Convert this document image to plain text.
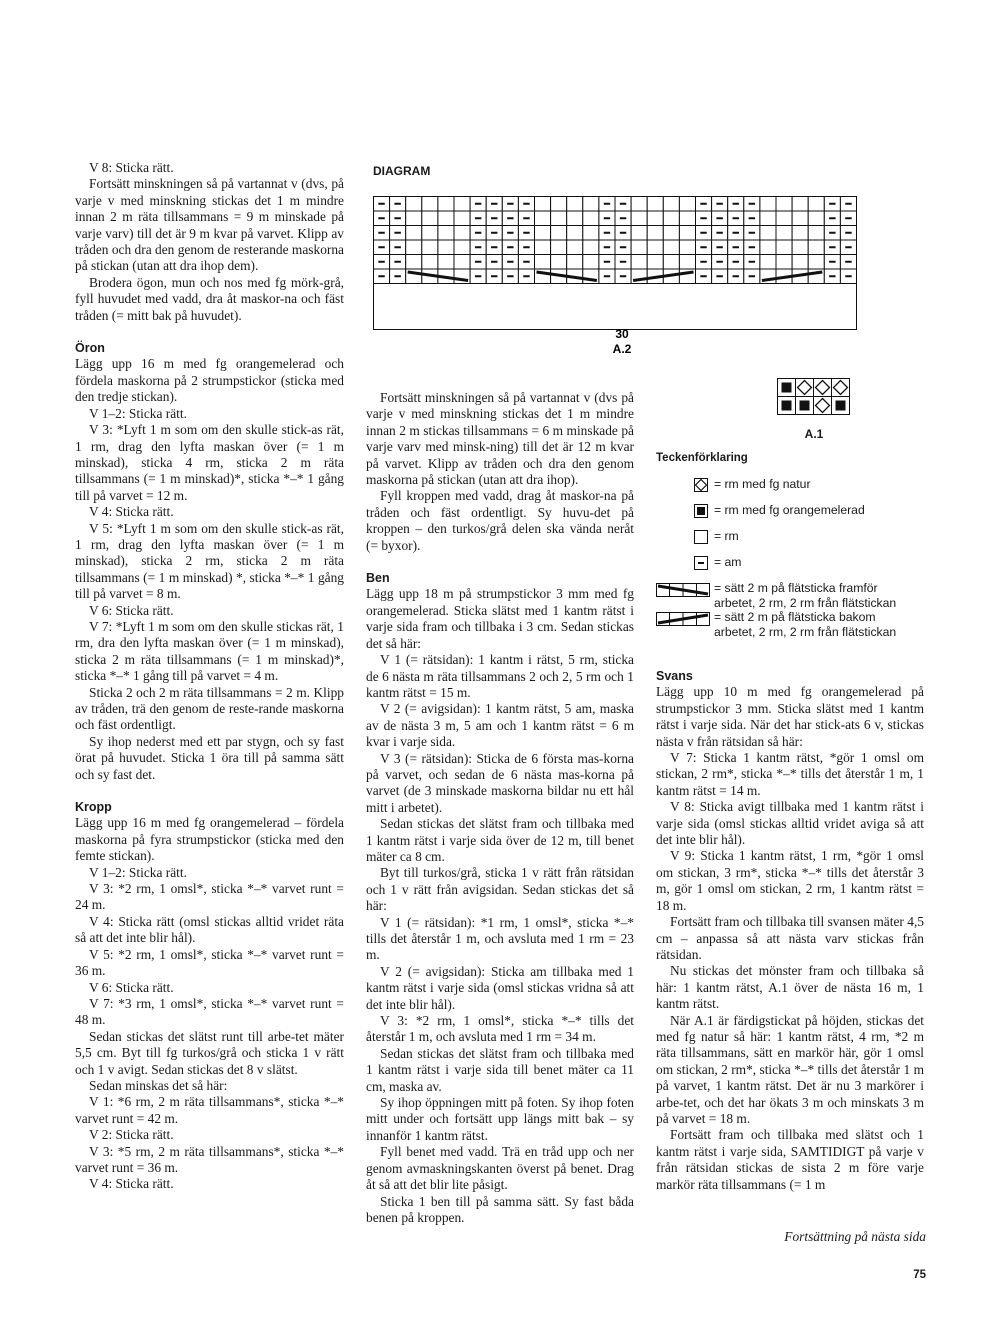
V 8: Sticka rätt.

Fortsätt minskningen så på vartannat v (dvs, på varje v med minskning stickas det 1 m mindre innan 2 m räta tillsammans = 9 m minskade på varje varv) till det är 9 m kvar på varvet. Klipp av tråden och dra den genom de resterande maskorna på stickan (utan att dra ihop dem).

Brodera ögon, mun och nos med fg mörk-grå, fyll huvudet med vadd, dra åt maskor-na och fäst tråden (= mitt bak på huvudet).

Öron

Lägg upp 16 m med fg orangemelerad och fördela maskorna på 2 strumpstickor (sticka med den tredje stickan).

V 1–2: Sticka rätt.

V 3: *Lyft 1 m som om den skulle stick-as rät, 1 rm, drag den lyfta maskan över (= 1 m minskad), sticka 4 rm, sticka 2 m räta tillsammans (= 1 m minskad)*, sticka *–* 1 gång till på varvet = 12 m.

V 4: Sticka rätt.

V 5: *Lyft 1 m som om den skulle stick-as rät, 1 rm, drag den lyfta maskan över (= 1 m minskad), sticka 2 rm, sticka 2 m räta tillsammans (= 1 m minskad) *, sticka *–* 1 gång till på varvet = 8 m.

V 6: Sticka rätt.

V 7: *Lyft 1 m som om den skulle stickas rät, 1 rm, dra den lyfta maskan över (= 1 m minskad), sticka 2 m räta tillsammans (= 1 m minskad)*, sticka *–* 1 gång till på varvet = 4 m.

Sticka 2 och 2 m räta tillsammans = 2 m. Klipp av tråden, trä den genom de reste-rande maskorna och fäst ordentligt.

Sy ihop nederst med ett par stygn, och sy fast örat på huvudet. Sticka 1 öra till på samma sätt och sy fast det.

Kropp

Lägg upp 16 m med fg orangemelerad – fördela maskorna på fyra strumpstickor (sticka med den femte stickan).

V 1–2: Sticka rätt.

V 3: *2 rm, 1 omsl*, sticka *–* varvet runt = 24 m.

V 4: Sticka rätt (omsl stickas alltid vridet räta så att det inte blir hål).

V 5: *2 rm, 1 omsl*, sticka *–* varvet runt = 36 m.

V 6: Sticka rätt.

V 7: *3 rm, 1 omsl*, sticka *–* varvet runt = 48 m.

Sedan stickas det slätst runt till arbe-tet mäter 5,5 cm. Byt till fg turkos/grå och sticka 1 v rätt och 1 v avigt. Sedan stickas det 8 v slätst.

Sedan minskas det så här:

V 1: *6 rm, 2 m räta tillsammans*, sticka *–* varvet runt = 42 m.

V 2: Sticka rätt.

V 3: *5 rm, 2 m räta tillsammans*, sticka *–* varvet runt = 36 m.

V 4: Sticka rätt.

Fortsätt minskningen så på vartannat v (dvs på varje v med minskning stickas det 1 m mindre innan 2 m stickas tillsammans = 6 m minskade på varje varv med minsk-ning) till det är 12 m kvar på varvet. Klipp av tråden och dra den genom maskorna på stickan (utan att dra ihop).

Fyll kroppen med vadd, drag åt maskor-na på tråden och fäst ordentligt. Sy huvu-det på kroppen – den turkos/grå delen ska vända neråt (= byxor).

Ben

Lägg upp 18 m på strumpstickor 3 mm med fg orangemelerad. Sticka slätst med 1 kantm rätst i varje sida fram och tillbaka i 3 cm. Sedan stickas det så här:

V 1 (= rätsidan): 1 kantm i rätst, 5 rm, sticka de 6 nästa m räta tillsammans 2 och 2, 5 rm och 1 kantm rätst = 15 m.

V 2 (= avigsidan): 1 kantm rätst, 5 am, maska av de nästa 3 m, 5 am och 1 kantm rätst = 6 m kvar i varje sida.

V 3 (= rätsidan): Sticka de 6 första mas-korna på varvet, och sedan de 6 nästa mas-korna på varvet (de 3 minskade maskorna bildar nu ett hål mitt i arbetet).

Sedan stickas det slätst fram och tillbaka med 1 kantm rätst i varje sida över de 12 m, till benet mäter ca 8 cm.

Byt till turkos/grå, sticka 1 v rätt från rätsidan och 1 v rätt från avigsidan. Sedan stickas det så här:

V 1 (= rätsidan): *1 rm, 1 omsl*, sticka *–* tills det återstår 1 m, och avsluta med 1 rm = 23 m.

V 2 (= avigsidan): Sticka am tillbaka med 1 kantm rätst i varje sida (omsl stickas vridna så att det inte blir hål).

V 3: *2 rm, 1 omsl*, sticka *–* tills det återstår 1 m, och avsluta med 1 rm = 34 m.

Sedan stickas det slätst fram och tillbaka med 1 kantm rätst i varje sida till benet mäter ca 11 cm, maska av.

Sy ihop öppningen mitt på foten. Sy ihop foten mitt under och fortsätt upp längs mitt bak – sy innanför 1 kantm rätst.

Fyll benet med vadd. Trä en tråd upp och ner genom avmaskningskanten överst på benet. Drag åt så att det blir lite påsigt.

Sticka 1 ben till på samma sätt. Sy fast båda benen på kroppen.

Svans

Lägg upp 10 m med fg orangemelerad på strumpstickor 3 mm. Sticka slätst med 1 kantm rätst i varje sida. När det har stick-ats 6 v, stickas nästa v från rätsidan så här:

V 7: Sticka 1 kantm rätst, *gör 1 omsl om stickan, 2 rm*, sticka *–* tills det återstår 1 m, 1 kantm rätst = 14 m.

V 8: Sticka avigt tillbaka med 1 kantm rätst i varje sida (omsl stickas alltid vridet aviga så att det inte blir hål).

V 9: Sticka 1 kantm rätst, 1 rm, *gör 1 omsl om stickan, 3 rm*, sticka *–* tills det återstår 3 m, gör 1 omsl om stickan, 2 rm, 1 kantm rätst = 18 m.

Fortsätt fram och tillbaka till svansen mäter 4,5 cm – anpassa så att nästa varv stickas från rätsidan.

Nu stickas det mönster fram och tillbaka så här: 1 kantm rätst, A.1 över de nästa 16 m, 1 kantm rätst.

När A.1 är färdigstickat på höjden, stickas det med fg natur så här: 1 kantm rätst, 4 rm, *2 m räta tillsammans, sätt en markör här, gör 1 omsl om stickan, 2 rm*, sticka *–* tills det återstår 1 m på varvet, 1 kantm rätst. Det är nu 3 markörer i arbe-tet, och det har ökats 3 m och minskats 3 m på varvet = 18 m.

Fortsätt fram och tillbaka med slätst och 1 kantm rätst i varje sida, SAMTIDIGT på varje v från rätsidan stickas de sista 2 m före varje markör räta tillsammans (= 1 m

DIAGRAM
30
A.2
A.1
Teckenförklaring
= rm med fg natur
= rm med fg orangemelerad
= rm
= am
= sätt 2 m på flätsticka framför
arbetet, 2 rm, 2 rm från flätstickan
= sätt 2 m på flätsticka bakom
arbetet, 2 rm, 2 rm från flätstickan
Fortsättning på nästa sida
75
